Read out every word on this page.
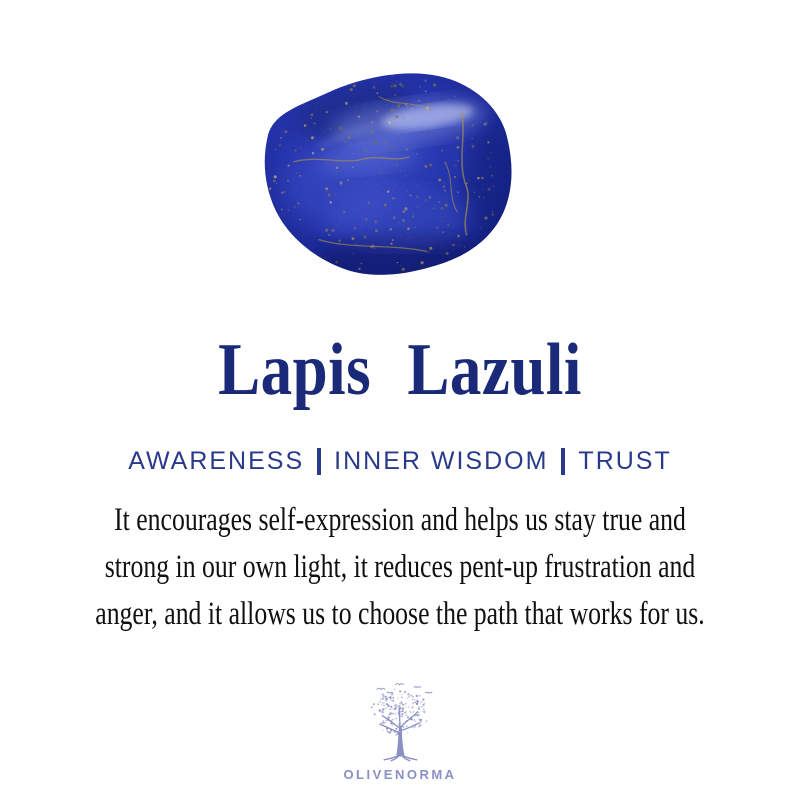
Lapis Lazuli
AWARENESS INNER WISDOM TRUST
It encourages self-expression and helps us stay true and
strong in our own light, it reduces pent-up frustration and
anger, and it allows us to choose the path that works for us.
OLIVENORMA
